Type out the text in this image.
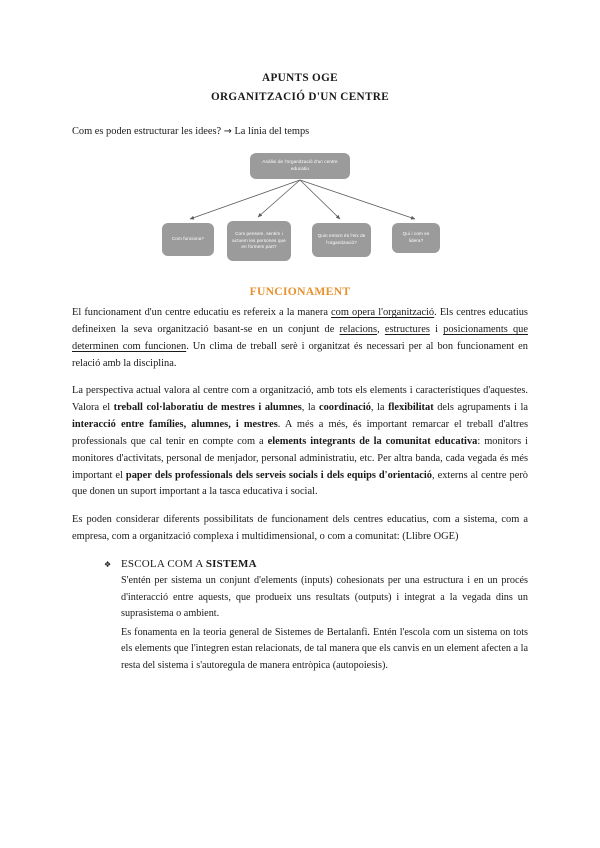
APUNTS OGE
ORGANITZACIÓ D'UN CENTRE
Com es poden estructurar les idees? → La línia del temps
Anàlisi de l'organització d'un centre educatiu
Com funciona?
Com pensem, sentim i actuem les persones que en formem part?
Quin entorn és l'eix de l'organització?
Qui i com es lidera?
FUNCIONAMENT

El funcionament d'un centre educatiu es refereix a la manera com opera l'organització. Els centres educatius defineixen la seva organització basant-se en un conjunt de relacions, estructures i posicionaments que determinen com funcionen. Un clima de treball serè i organitzat és necessari per al bon funcionament en relació amb la disciplina.

La perspectiva actual valora al centre com a organització, amb tots els elements i característiques d'aquestes. Valora el treball col·laboratiu de mestres i alumnes, la coordinació, la flexibilitat dels agrupaments i la interacció entre famílies, alumnes, i mestres. A més a més, és important remarcar el treball d'altres professionals que cal tenir en compte com a elements integrants de la comunitat educativa: monitors i monitores d'activitats, personal de menjador, personal administratiu, etc. Per altra banda, cada vegada és més important el paper dels professionals dels serveis socials i dels equips d'orientació, externs al centre però que donen un suport important a la tasca educativa i social.

Es poden considerar diferents possibilitats de funcionament dels centres educatius, com a sistema, com a empresa, com a organització complexa i multidimensional, o com a comunitat: (Llibre OGE)

❖ ESCOLA COM A SISTEMA
S'entén per sistema un conjunt d'elements (inputs) cohesionats per una estructura i en un procés d'interacció entre aquests, que produeix uns resultats (outputs) i integrat a la vegada dins un suprasistema o ambient.
Es fonamenta en la teoria general de Sistemes de Bertalanfi. Entén l'escola com un sistema on tots els elements que l'integren estan relacionats, de tal manera que els canvis en un element afecten a la resta del sistema i s'autoregula de manera entròpica (autopoiesis).
